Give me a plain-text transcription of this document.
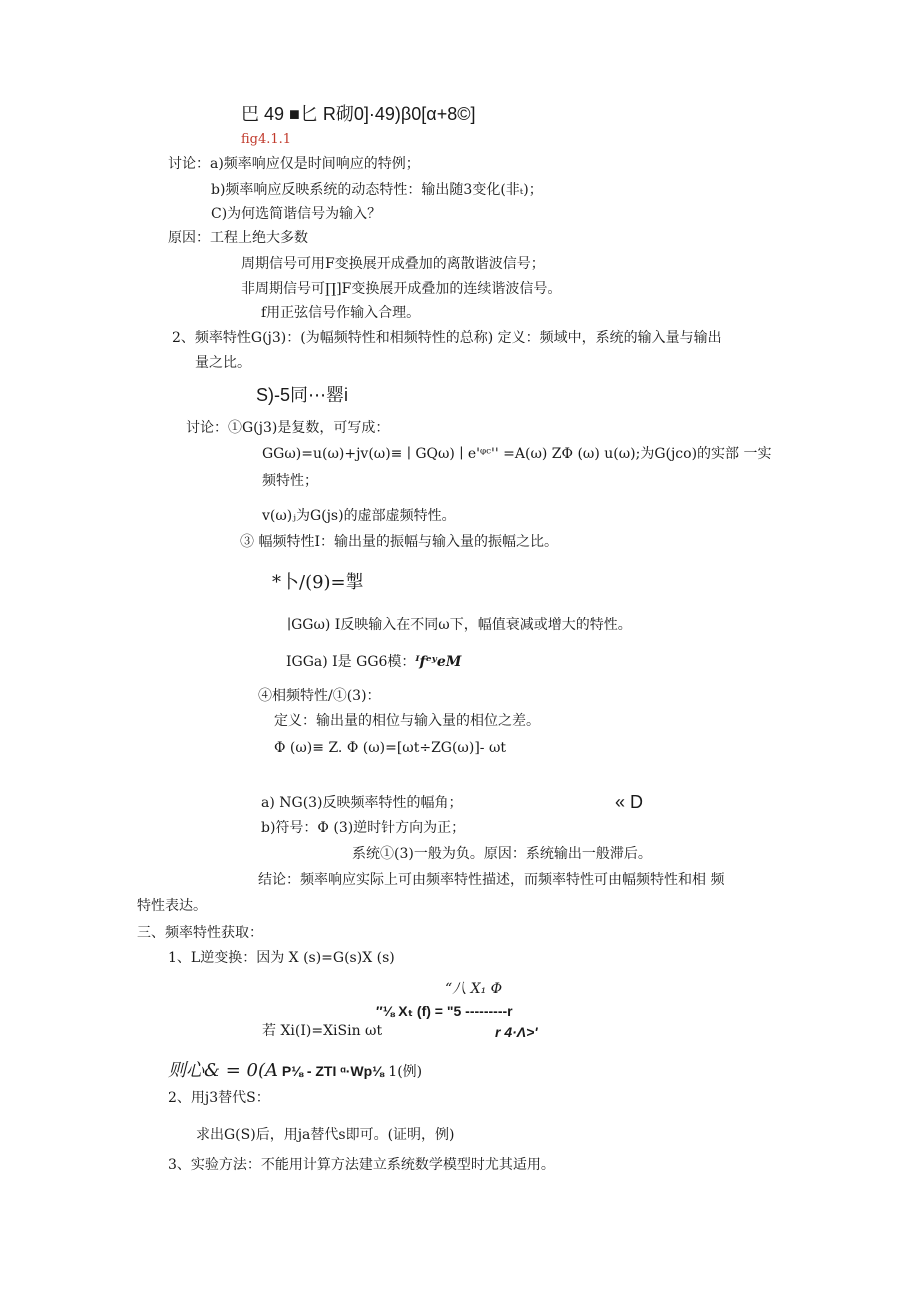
巴 49 ■匕 R砌0]·49)β0[α+8©]
fig4.1.1
讨论：a)频率响应仅是时间响应的特例；
b)频率响应反映系统的动态特性：输出随3变化(非ₜ)；
C)为何选简谐信号为输入？
原因：工程上绝大多数
周期信号可用F变换展开成叠加的离散谐波信号；
非周期信号可∏]F变换展开成叠加的连续谐波信号。
f用正弦信号作输入合理。
2、频率特性G(j3)：(为幅频特性和相频特性的总称) 定义：频域中，系统的输入量与输出
量之比。
S)-5同⋯罂i
讨论：①G(j3)是复数，可写成：
GGω)=u(ω)+jv(ω)≡ ∣ GQω) ∣ e'ᵠᶜ'' =A(ω) ZΦ (ω) u(ω);为G(jcο)的实部 一实
频特性；
v(ω)ⱼ为G(js)的虚部虚频特性。
③ 幅频特性I：输出量的振幅与输入量的振幅之比。
*卜/(9)=掣
∣GGω) I反映输入在不同ω下，幅值衰减或增大的特性。
IGGa) I是 GG6模：ᴵfᵉʸeM
④相频特性/①(3)：
定义：输出量的相位与输入量的相位之差。
Φ (ω)≡ Z. Φ (ω)=[ωt÷ZG(ω)]- ωt
a) NG(3)反映频率特性的幅角；	« D
b)符号：Φ (3)逆时针方向为正；
系统①(3)一般为负。原因：系统输出一般滞后。
结论：频率响应实际上可由频率特性描述，而频率特性可由幅频特性和相 频
特性表达。
三、频率特性获取：
1、L逆变换：因为 X (s)=G(s)X (s)
“八 X₁ Φ
″⅛ Xₜ (f) = "5 ---------r
若 Xi(I)=XiSin ωt	r 4·Λ>'
则心& = 0(A P⅛ - ZTI ᵅ·Wp⅛ 1(例)
2、用j3替代S：
求出G(S)后，用ja替代s即可。(证明，例)
3、实验方法：不能用计算方法建立系统数学模型时尤其适用。
